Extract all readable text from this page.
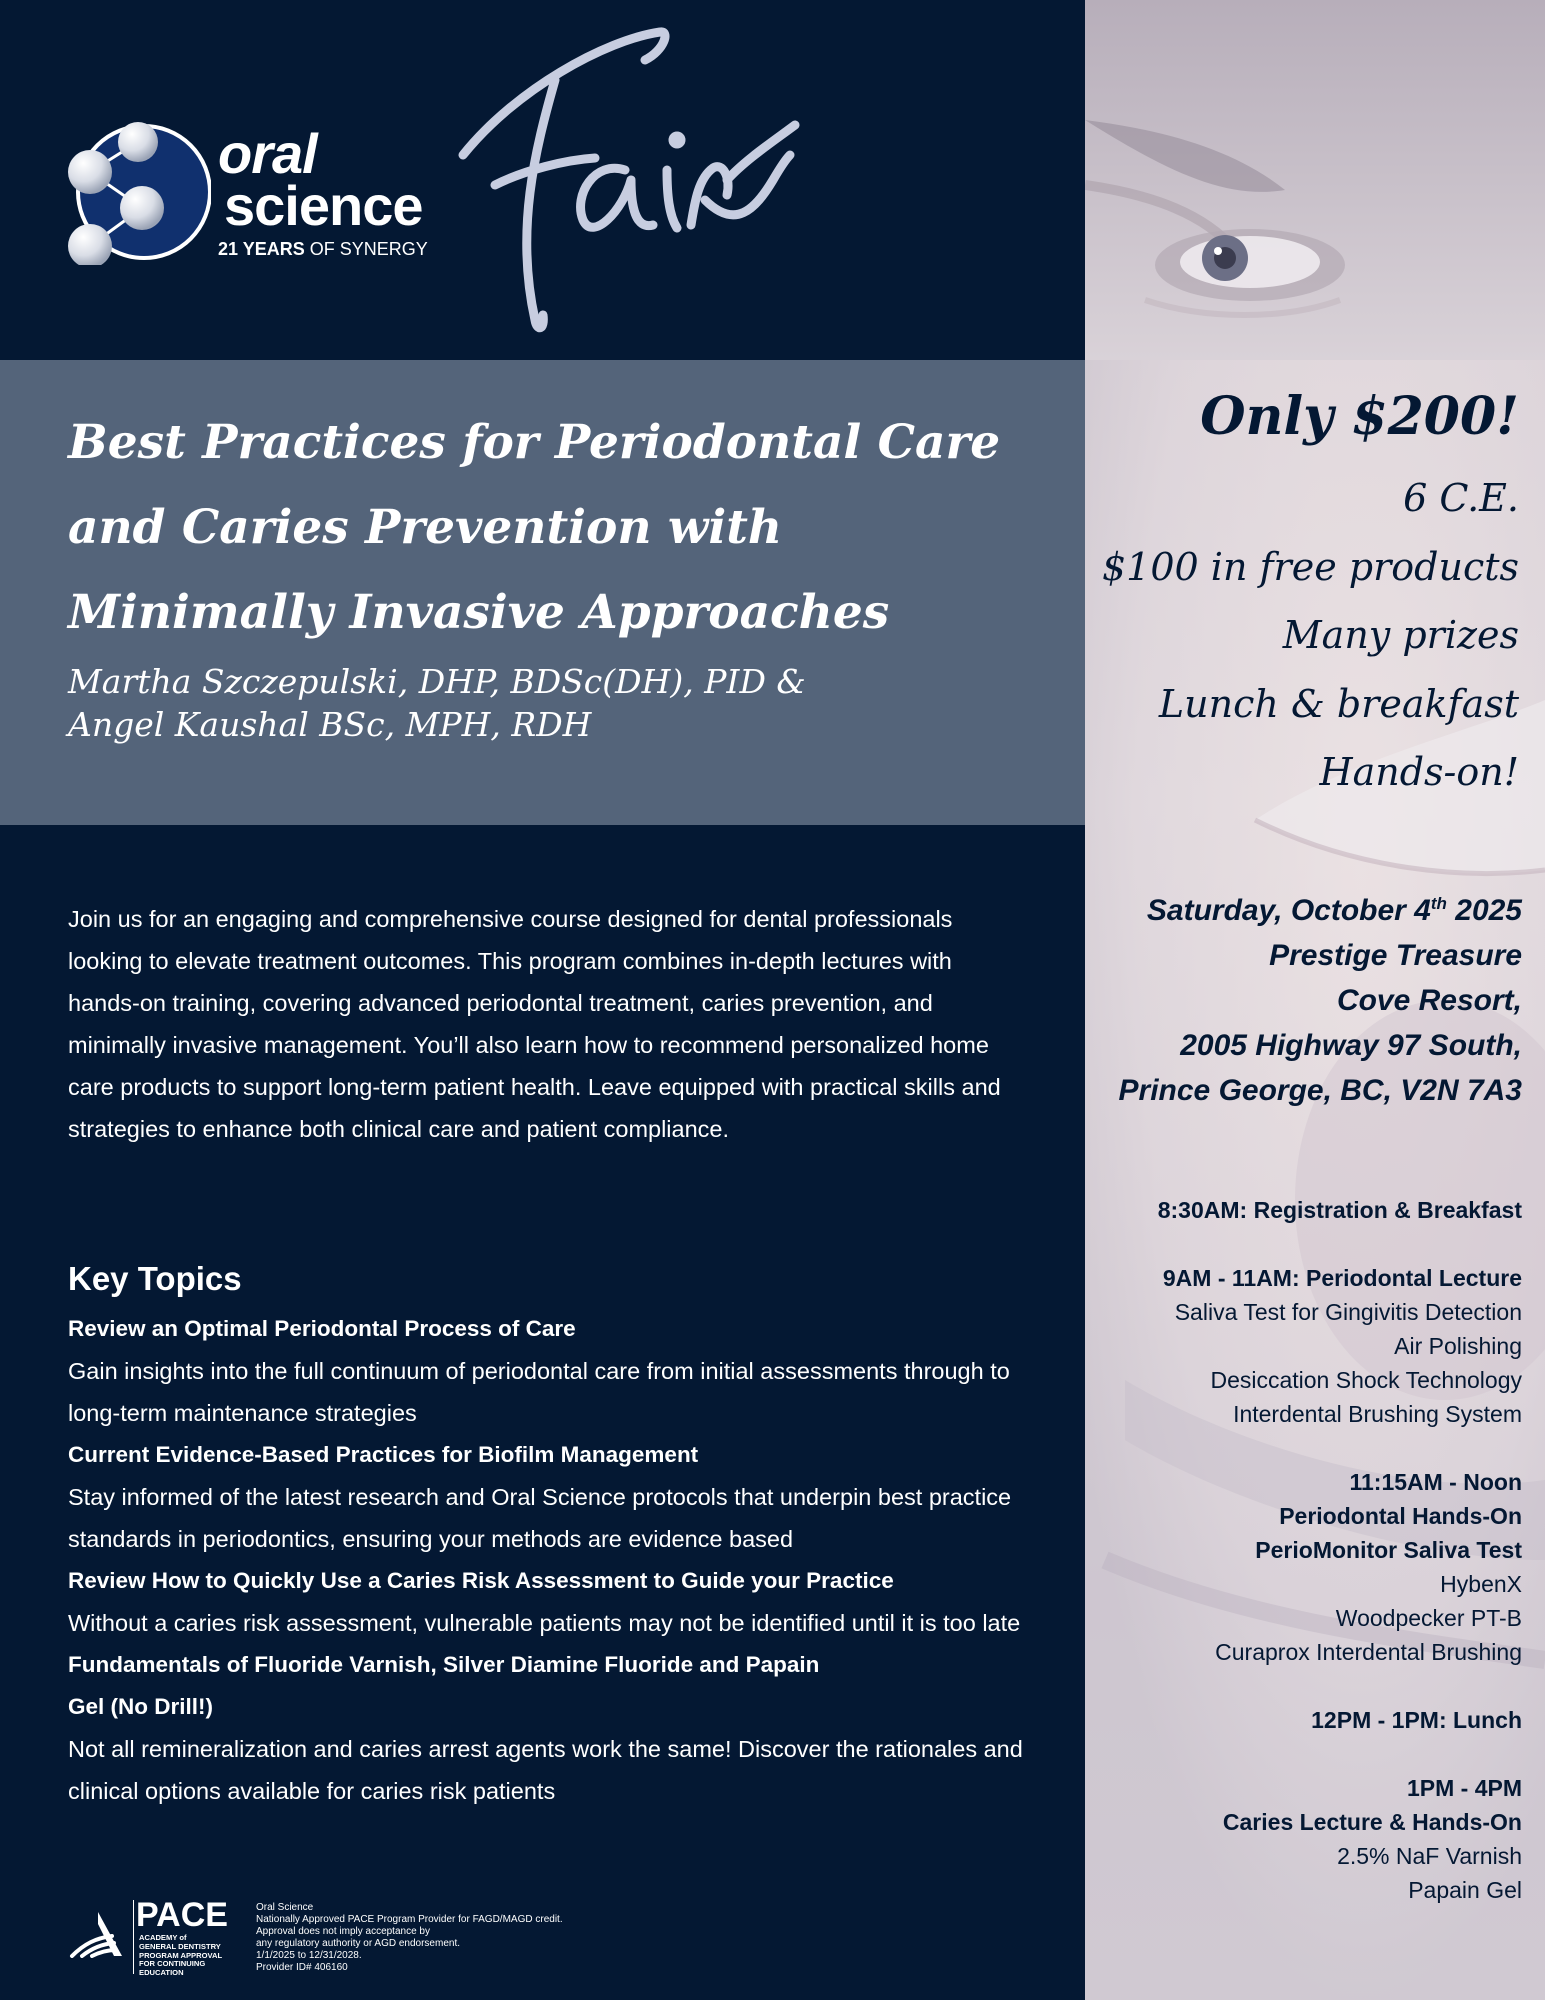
oral
science
21 YEARS OF SYNERGY
Best Practices for Periodontal Care and Caries Prevention with Minimally Invasive Approaches
Martha Szczepulski, DHP, BDSc(DH), PID &
Angel Kaushal BSc, MPH, RDH
Join us for an engaging and comprehensive course designed for dental professionals looking to elevate treatment outcomes. This program combines in-depth lectures with hands-on training, covering advanced periodontal treatment, caries prevention, and minimally invasive management. You’ll also learn how to recommend personalized home care products to support long-term patient health. Leave equipped with practical skills and strategies to enhance both clinical care and patient compliance.
Key Topics
Review an Optimal Periodontal Process of Care
Gain insights into the full continuum of periodontal care from initial assessments through to long-term maintenance strategies
Current Evidence-Based Practices for Biofilm Management
Stay informed of the latest research and Oral Science protocols that underpin best practice standards in periodontics, ensuring your methods are evidence based
Review How to Quickly Use a Caries Risk Assessment to Guide your Practice
Without a caries risk assessment, vulnerable patients may not be identified until it is too late
Fundamentals of Fluoride Varnish, Silver Diamine Fluoride and Papain Gel (No Drill!)
Not all remineralization and caries arrest agents work the same! Discover the rationales and clinical options available for caries risk patients
PACE
ACADEMY of
GENERAL DENTISTRY
PROGRAM APPROVAL
FOR CONTINUING
EDUCATION
Oral Science
Nationally Approved PACE Program Provider for FAGD/MAGD credit.
Approval does not imply acceptance by
any regulatory authority or AGD endorsement.
1/1/2025 to 12/31/2028.
Provider ID# 406160
Only $200!
6 C.E.
$100 in free products
Many prizes
Lunch & breakfast
Hands-on!
Saturday, October 4th 2025
Prestige Treasure
Cove Resort,
2005 Highway 97 South,
Prince George, BC, V2N 7A3
8:30AM: Registration & Breakfast
9AM - 11AM: Periodontal Lecture
Saliva Test for Gingivitis Detection
Air Polishing
Desiccation Shock Technology
Interdental Brushing System
11:15AM - Noon
Periodontal Hands-On
PerioMonitor Saliva Test
HybenX
Woodpecker PT-B
Curaprox Interdental Brushing
12PM - 1PM: Lunch
1PM - 4PM
Caries Lecture & Hands-On
2.5% NaF Varnish
Papain Gel
